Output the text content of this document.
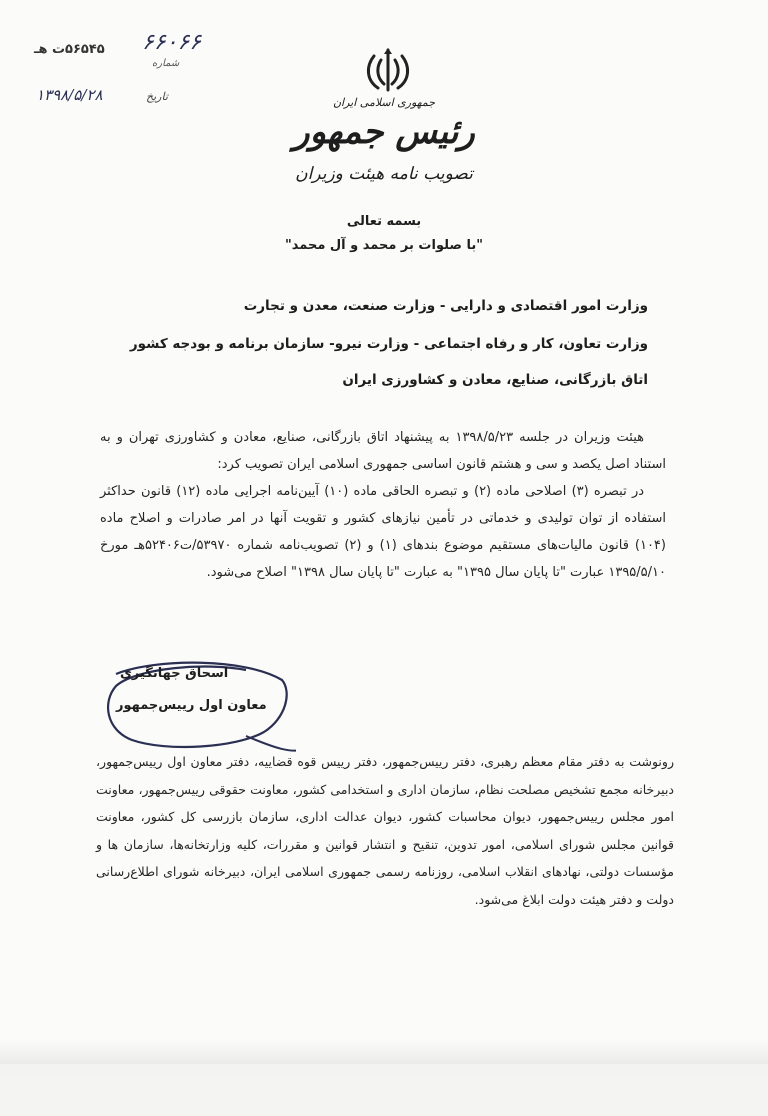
۶۶۰۶۶
شماره
۵۶۵۴۵ت هـ
۱۳۹۸/۵/۲۸	تاریخ	جمهوری اسلامی ایران
رئیس جمهور
تصویب نامه هیئت وزیران
بسمه تعالی
"با صلوات بر محمد و آل محمد"
وزارت امور اقتصادی و دارایی - وزارت صنعت، معدن و تجارت
وزارت تعاون، کار و رفاه اجتماعی - وزارت نیرو- سازمان برنامه و بودجه کشور
اتاق بازرگانی، صنایع، معادن و کشاورزی ایران

هیئت وزیران در جلسه ۱۳۹۸/۵/۲۳ به پیشنهاد اتاق بازرگانی، صنایع، معادن و کشاورزی تهران و به استناد اصل یکصد و سی و هشتم قانون اساسی جمهوری اسلامی ایران تصویب کرد:

در تبصره (۳) اصلاحی ماده (۲) و تبصره الحاقی ماده (۱۰) آیین‌نامه اجرایی ماده (۱۲) قانون حداکثر استفاده از توان تولیدی و خدماتی در تأمین نیازهای کشور و تقویت آنها در امر صادرات و اصلاح ماده (۱۰۴) قانون مالیات‌های مستقیم موضوع بندهای (۱) و (۲) تصویب‌نامه شماره ۵۳۹۷۰/ت۵۲۴۰۶هـ مورخ ۱۳۹۵/۵/۱۰ عبارت "تا پایان سال ۱۳۹۵" به عبارت "تا پایان سال ۱۳۹۸" اصلاح می‌شود.

اسحاق جهانگیری
معاون اول رییس‌جمهور

رونوشت به دفتر مقام معظم رهبری، دفتر رییس‌جمهور، دفتر رییس قوه قضاییه، دفتر معاون اول رییس‌جمهور، دبیرخانه مجمع تشخیص مصلحت نظام، سازمان اداری و استخدامی کشور، معاونت حقوقی رییس‌جمهور، معاونت امور مجلس رییس‌جمهور، دیوان محاسبات کشور، دیوان عدالت اداری، سازمان بازرسی کل کشور، معاونت قوانین مجلس شورای اسلامی، امور تدوین، تنقیح و انتشار قوانین و مقررات، کلیه وزارتخانه‌ها، سازمان ها و مؤسسات دولتی، نهادهای انقلاب اسلامی، روزنامه رسمی جمهوری اسلامی ایران، دبیرخانه شورای اطلاع‌رسانی دولت و دفتر هیئت دولت ابلاغ می‌شود.
